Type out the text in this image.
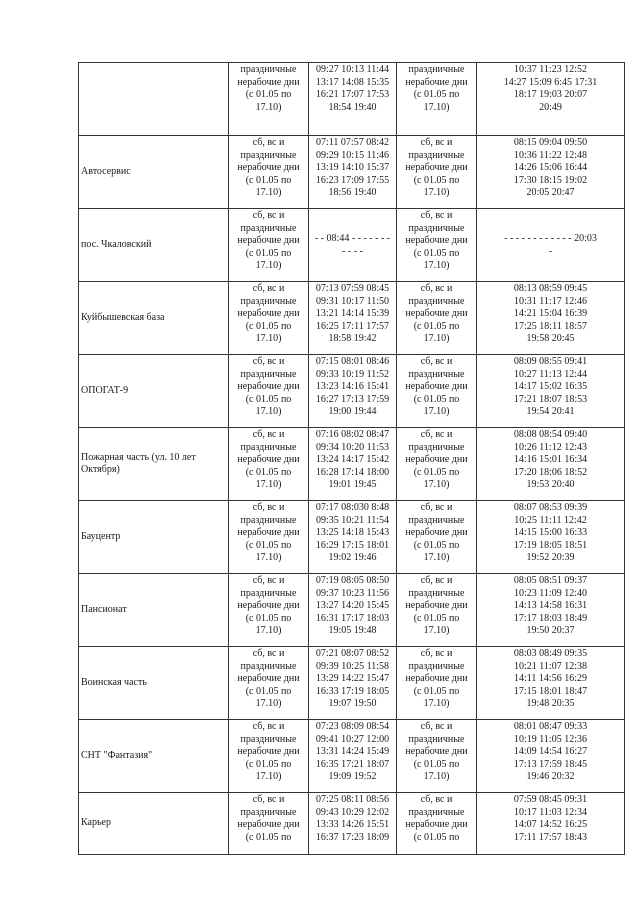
	праздничные
нерабочие дни
(с 01.05 по
17.10)	09:27 10:13 11:44
13:17 14:08 15:35
16:21 17:07 17:53
18:54 19:40	праздничные
нерабочие дни
(с 01.05 по
17.10)	10:37 11:23 12:52
14:27 15:09 6:45 17:31
18:17 19:03 20:07
20:49

Автосервис	сб, вс и
праздничные
нерабочие дни
(с 01.05 по
17.10)	07:11 07:57 08:42
09:29 10:15 11:46
13:19 14:10 15:37
16:23 17:09 17:55
18:56 19:40	сб, вс и
праздничные
нерабочие дни
(с 01.05 по
17.10)	08:15 09:04 09:50
10:36 11:22 12:48
14:26 15:06 16:44
17:30 18:15 19:02
20:05 20:47

пос. Чкаловский	сб, вс и
праздничные
нерабочие дни
(с 01.05 по
17.10)	- - 08:44 - - - - - - -
- - - -	сб, вс и
праздничные
нерабочие дни
(с 01.05 по
17.10)	- - - - - - - - - - - - 20:03
-

Куйбышевская база	сб, вс и
праздничные
нерабочие дни
(с 01.05 по
17.10)	07:13 07:59 08:45
09:31 10:17 11:50
13:21 14:14 15:39
16:25 17:11 17:57
18:58 19:42	сб, вс и
праздничные
нерабочие дни
(с 01.05 по
17.10)	08:13 08:59 09:45
10:31 11:17 12:46
14:21 15:04 16:39
17:25 18:11 18:57
19:58 20:45

ОПОГАТ-9	сб, вс и
праздничные
нерабочие дни
(с 01.05 по
17.10)	07:15 08:01 08:46
09:33 10:19 11:52
13:23 14:16 15:41
16:27 17:13 17:59
19:00 19:44	сб, вс и
праздничные
нерабочие дни
(с 01.05 по
17.10)	08:09 08:55 09:41
10:27 11:13 12:44
14:17 15:02 16:35
17:21 18:07 18:53
19:54 20:41

Пожарная часть (ул. 10 лет Октября)	сб, вс и
праздничные
нерабочие дни
(с 01.05 по
17.10)	07:16 08:02 08:47
09:34 10:20 11:53
13:24 14:17 15:42
16:28 17:14 18:00
19:01 19:45	сб, вс и
праздничные
нерабочие дни
(с 01.05 по
17.10)	08:08 08:54 09:40
10:26 11:12 12:43
14:16 15:01 16:34
17:20 18:06 18:52
19:53 20:40

Бауцентр	сб, вс и
праздничные
нерабочие дни
(с 01.05 по
17.10)	07:17 08:030 8:48
09:35 10:21 11:54
13:25 14:18 15:43
16:29 17:15 18:01
19:02 19:46	сб, вс и
праздничные
нерабочие дни
(с 01.05 по
17.10)	08:07 08:53 09:39
10:25 11:11 12:42
14:15 15:00 16:33
17:19 18:05 18:51
19:52 20:39

Пансионат	сб, вс и
праздничные
нерабочие дни
(с 01.05 по
17.10)	07:19 08:05 08:50
09:37 10:23 11:56
13:27 14:20 15:45
16:31 17:17 18:03
19:05 19:48	сб, вс и
праздничные
нерабочие дни
(с 01.05 по
17.10)	08:05 08:51 09:37
10:23 11:09 12:40
14:13 14:58 16:31
17:17 18:03 18:49
19:50 20:37

Воинская часть	сб, вс и
праздничные
нерабочие дни
(с 01.05 по
17.10)	07:21 08:07 08:52
09:39 10:25 11:58
13:29 14:22 15:47
16:33 17:19 18:05
19:07 19:50	сб, вс и
праздничные
нерабочие дни
(с 01.05 по
17.10)	08:03 08:49 09:35
10:21 11:07 12:38
14:11 14:56 16:29
17:15 18:01 18:47
19:48 20:35

СНТ "Фантазия"	сб, вс и
праздничные
нерабочие дни
(с 01.05 по
17.10)	07:23 08:09 08:54
09:41 10:27 12:00
13:31 14:24 15:49
16:35 17:21 18:07
19:09 19:52	сб, вс и
праздничные
нерабочие дни
(с 01.05 по
17.10)	08:01 08:47 09:33
10:19 11:05 12:36
14:09 14:54 16:27
17:13 17:59 18:45
19:46 20:32

Карьер	сб, вс и
праздничные
нерабочие дни
(с 01.05 по	07:25 08:11 08:56
09:43 10:29 12:02
13:33 14:26 15:51
16:37 17:23 18:09	сб, вс и
праздничные
нерабочие дни
(с 01.05 по	07:59 08:45 09:31
10:17 11:03 12:34
14:07 14:52 16:25
17:11 17:57 18:43
